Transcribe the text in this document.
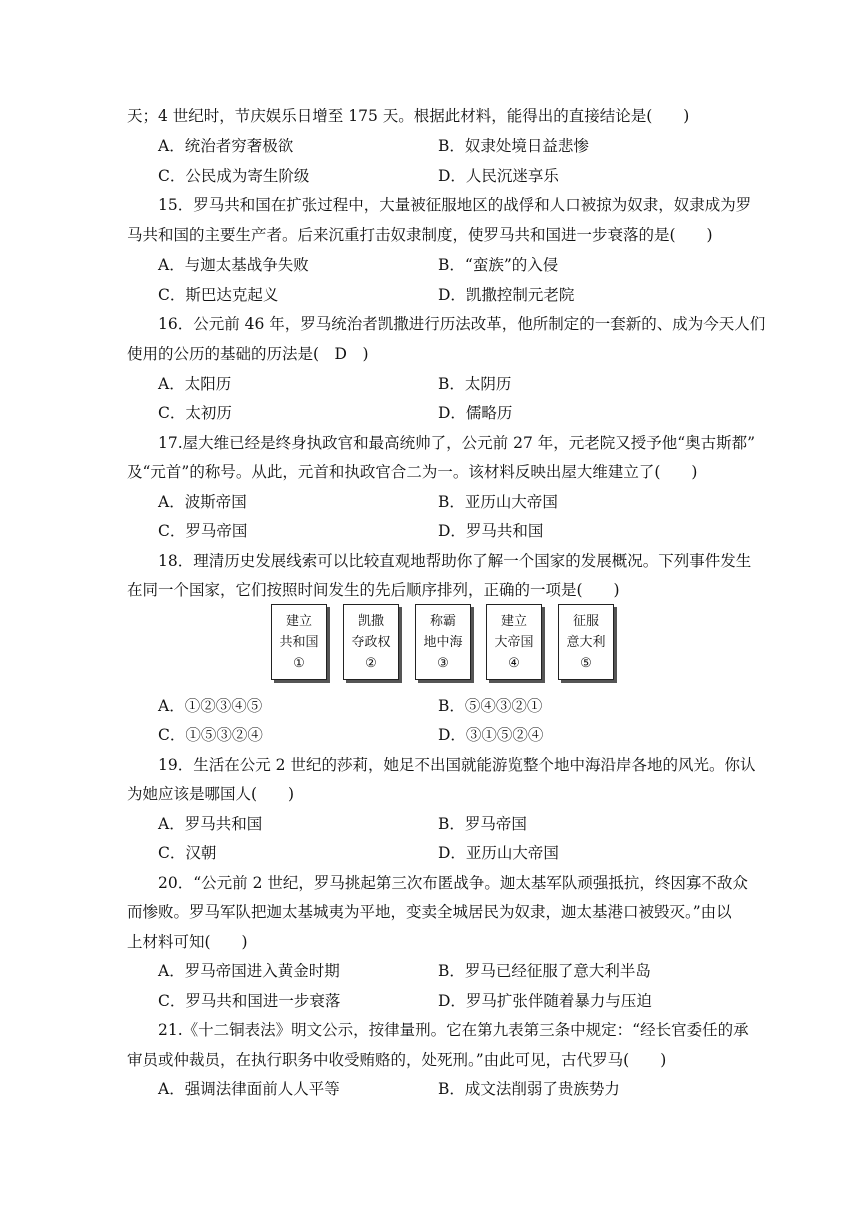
天；4 世纪时，节庆娱乐日增至 175 天。根据此材料，能得出的直接结论是(　　)
A．统治者穷奢极欲	B．奴隶处境日益悲惨
C．公民成为寄生阶级	D．人民沉迷享乐
15．罗马共和国在扩张过程中，大量被征服地区的战俘和人口被掠为奴隶，奴隶成为罗
马共和国的主要生产者。后来沉重打击奴隶制度，使罗马共和国进一步衰落的是(　　)
A．与迦太基战争失败	B．“蛮族”的入侵
C．斯巴达克起义	D．凯撒控制元老院
16．公元前 46 年，罗马统治者凯撒进行历法改革，他所制定的一套新的、成为今天人们
使用的公历的基础的历法是(　D　)
A．太阳历	B．太阴历
C．太初历	D．儒略历
17.屋大维已经是终身执政官和最高统帅了，公元前 27 年，元老院又授予他“奥古斯都”
及“元首”的称号。从此，元首和执政官合二为一。该材料反映出屋大维建立了(　　)
A．波斯帝国	B．亚历山大帝国
C．罗马帝国	D．罗马共和国
18．理清历史发展线索可以比较直观地帮助你了解一个国家的发展概况。下列事件发生
在同一个国家，它们按照时间发生的先后顺序排列，正确的一项是(　　)
建立
共和国
①
凯撒
夺政权
②
称霸
地中海
③
建立
大帝国
④
征服
意大利
⑤
A．①②③④⑤	B．⑤④③②①
C．①⑤③②④	D．③①⑤②④
19．生活在公元 2 世纪的莎莉，她足不出国就能游览整个地中海沿岸各地的风光。你认
为她应该是哪国人(　　)
A．罗马共和国	B．罗马帝国
C．汉朝	D．亚历山大帝国
20．“公元前 2 世纪，罗马挑起第三次布匿战争。迦太基军队顽强抵抗，终因寡不敌众
而惨败。罗马军队把迦太基城夷为平地，变卖全城居民为奴隶，迦太基港口被毁灭。”由以
上材料可知(　　)
A．罗马帝国进入黄金时期	B．罗马已经征服了意大利半岛
C．罗马共和国进一步衰落	D．罗马扩张伴随着暴力与压迫
21.《十二铜表法》明文公示，按律量刑。它在第九表第三条中规定：“经长官委任的承
审员或仲裁员，在执行职务中收受贿赂的，处死刑。”由此可见，古代罗马(　　)
A．强调法律面前人人平等	B．成文法削弱了贵族势力
